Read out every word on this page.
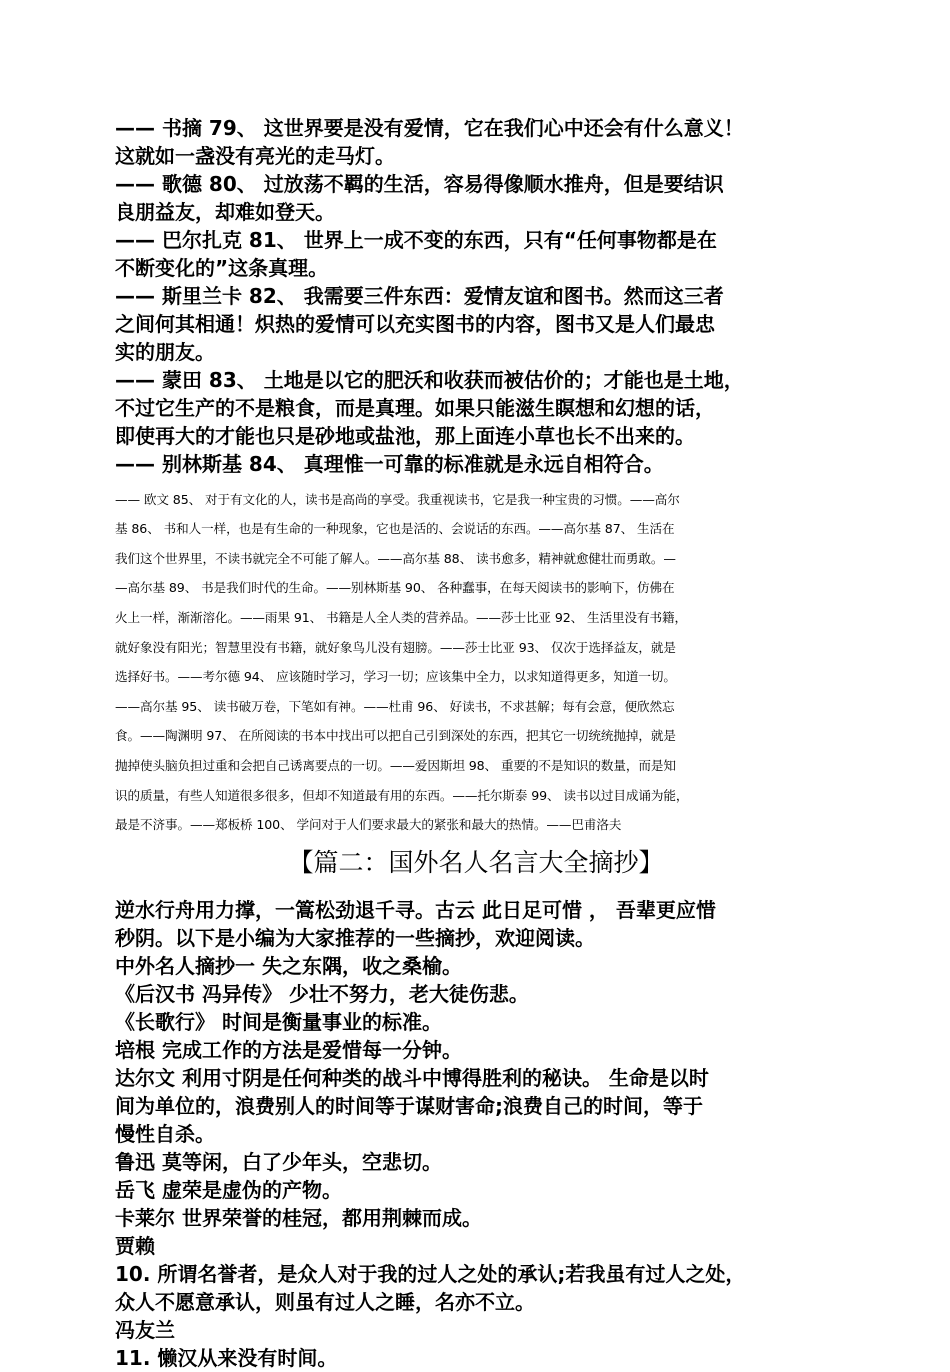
—— 书摘 79、 这世界要是没有爱情，它在我们心中还会有什么意义！

这就如一盏没有亮光的走马灯。

—— 歌德 80、 过放荡不羁的生活，容易得像顺水推舟，但是要结识

良朋益友，却难如登天。

—— 巴尔扎克 81、 世界上一成不变的东西，只有“任何事物都是在

不断变化的”这条真理。

—— 斯里兰卡 82、 我需要三件东西：爱情友谊和图书。然而这三者

之间何其相通！炽热的爱情可以充实图书的内容，图书又是人们最忠

实的朋友。

—— 蒙田 83、 土地是以它的肥沃和收获而被估价的；才能也是土地，

不过它生产的不是粮食，而是真理。如果只能滋生瞑想和幻想的话，

即使再大的才能也只是砂地或盐池，那上面连小草也长不出来的。

—— 别林斯基 84、 真理惟一可靠的标准就是永远自相符合。

—— 欧文 85、 对于有文化的人，读书是高尚的享受。我重视读书，它是我一种宝贵的习惯。——高尔

基 86、 书和人一样，也是有生命的一种现象，它也是活的、会说话的东西。——高尔基 87、 生活在

我们这个世界里，不读书就完全不可能了解人。——高尔基 88、 读书愈多，精神就愈健壮而勇敢。—

—高尔基 89、 书是我们时代的生命。——别林斯基 90、 各种蠢事，在每天阅读书的影响下，仿佛在

火上一样，渐渐溶化。——雨果 91、 书籍是人全人类的营养品。——莎士比亚 92、 生活里没有书籍，

就好象没有阳光；智慧里没有书籍，就好象鸟儿没有翅膀。——莎士比亚 93、 仅次于选择益友，就是

选择好书。——考尔德 94、 应该随时学习，学习一切；应该集中全力，以求知道得更多，知道一切。

——高尔基 95、 读书破万卷，下笔如有神。——杜甫 96、 好读书，不求甚解；每有会意，便欣然忘

食。——陶渊明 97、 在所阅读的书本中找出可以把自己引到深处的东西，把其它一切统统抛掉，就是

抛掉使头脑负担过重和会把自己诱离要点的一切。——爱因斯坦 98、 重要的不是知识的数量，而是知

识的质量，有些人知道很多很多，但却不知道最有用的东西。——托尔斯泰 99、 读书以过目成诵为能，

最是不济事。——郑板桥 100、 学问对于人们要求最大的紧张和最大的热情。——巴甫洛夫

【篇二：国外名人名言大全摘抄】

逆水行舟用力撑，一篙松劲退千寻。古云 此日足可惜 ， 吾辈更应惜

秒阴。以下是小编为大家推荐的一些摘抄，欢迎阅读。

中外名人摘抄一 失之东隅，收之桑榆。

《后汉书 冯异传》 少壮不努力，老大徒伤悲。

《长歌行》 时间是衡量事业的标准。

培根 完成工作的方法是爱惜每一分钟。

达尔文 利用寸阴是任何种类的战斗中博得胜利的秘诀。 生命是以时

间为单位的，浪费别人的时间等于谋财害命;浪费自己的时间，等于

慢性自杀。

鲁迅 莫等闲，白了少年头，空悲切。

岳飞 虚荣是虚伪的产物。

卡莱尔 世界荣誉的桂冠，都用荆棘而成。

贾赖

10. 所谓名誉者，是众人对于我的过人之处的承认;若我虽有过人之处，

众人不愿意承认，则虽有过人之睡，名亦不立。

冯友兰

11. 懒汉从来没有时间。
